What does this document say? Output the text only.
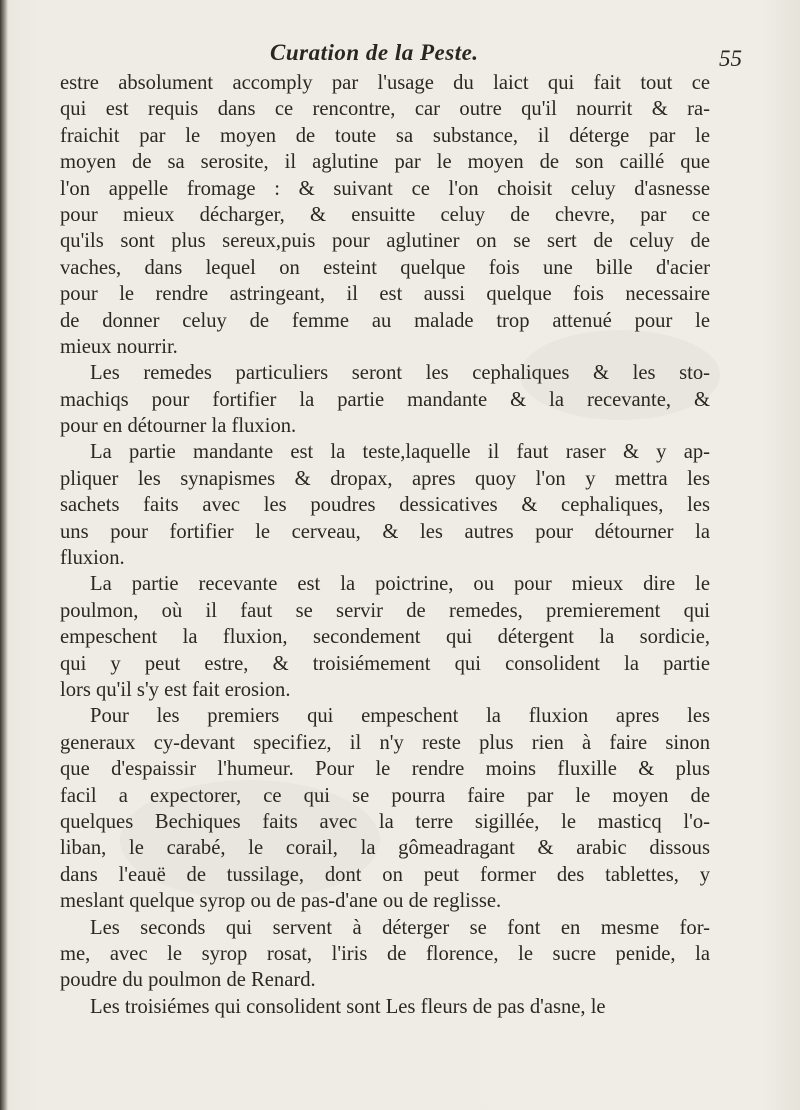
Curation de la Peste.	55
estre absolument accomply par l'usage du laict qui fait tout ce
qui est requis dans ce rencontre, car outre qu'il nourrit & ra-
fraichit par le moyen de toute sa substance, il déterge par le
moyen de sa serosite, il aglutine par le moyen de son caillé que
l'on appelle fromage : & suivant ce l'on choisit celuy d'asnesse
pour mieux décharger, & ensuitte celuy de chevre, par ce
qu'ils sont plus sereux,puis pour aglutiner on se sert de celuy de
vaches, dans lequel on esteint quelque fois une bille d'acier
pour le rendre astringeant, il est aussi quelque fois necessaire
de donner celuy de femme au malade trop attenué pour le
mieux nourrir.
Les remedes particuliers seront les cephaliques & les sto-
machiqs pour fortifier la partie mandante & la recevante, &
pour en détourner la fluxion.
La partie mandante est la teste,laquelle il faut raser & y ap-
pliquer les synapismes & dropax, apres quoy l'on y mettra les
sachets faits avec les poudres dessicatives & cephaliques, les
uns pour fortifier le cerveau, & les autres pour détourner la
fluxion.
La partie recevante est la poictrine, ou pour mieux dire le
poulmon, où il faut se servir de remedes, premierement qui
empeschent la fluxion, secondement qui détergent la sordicie,
qui y peut estre, & troisiémement qui consolident la partie
lors qu'il s'y est fait erosion.
Pour les premiers qui empeschent la fluxion apres les
generaux cy-devant specifiez, il n'y reste plus rien à faire sinon
que d'espaissir l'humeur. Pour le rendre moins fluxille & plus
facil a expectorer, ce qui se pourra faire par le moyen de
quelques Bechiques faits avec la terre sigillée, le masticq l'o-
liban, le carabé, le corail, la gômeadragant & arabic dissous
dans l'eauë de tussilage, dont on peut former des tablettes, y
meslant quelque syrop ou de pas-d'ane ou de reglisse.
Les seconds qui servent à déterger se font en mesme for-
me, avec le syrop rosat, l'iris de florence, le sucre penide, la
poudre du poulmon de Renard.
Les troisiémes qui consolident sont Les fleurs de pas d'asne, le
